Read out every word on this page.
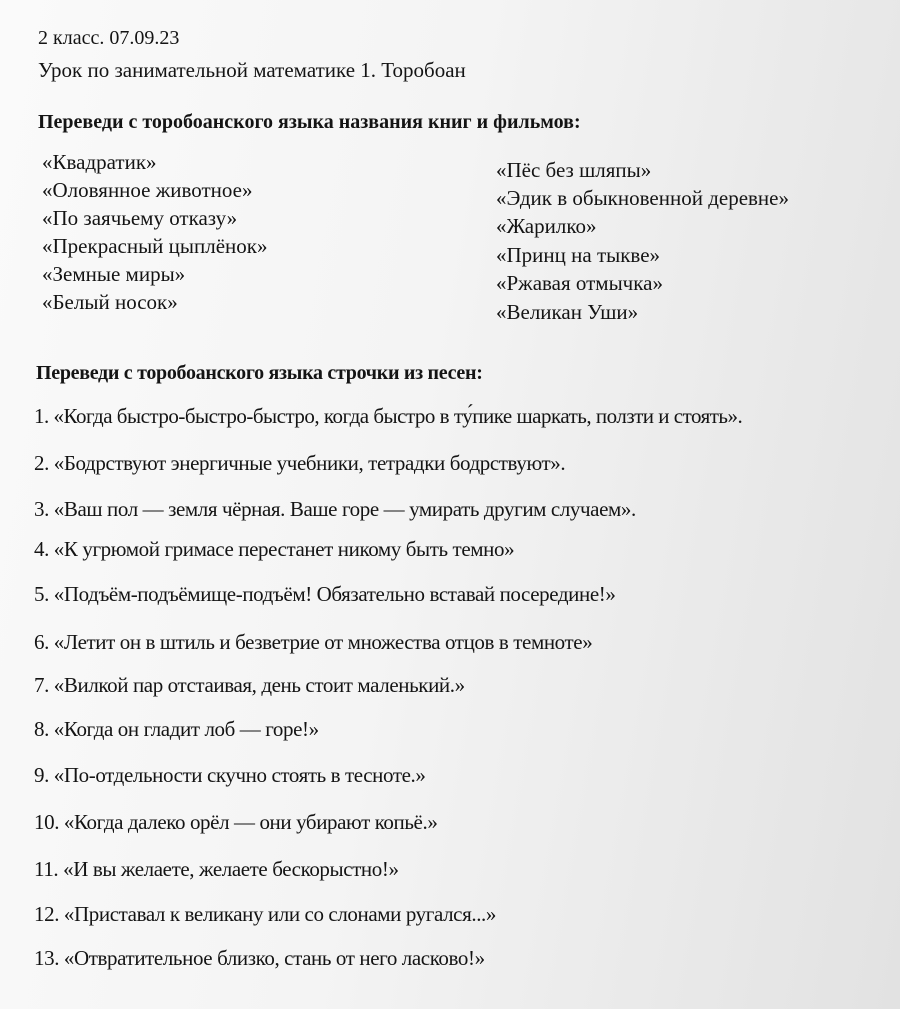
2 класс. 07.09.23
Урок по занимательной математике 1. Торобоан
Переведи с торобоанского языка названия книг и фильмов:
«Квадратик»
«Оловянное животное»
«По заячьему отказу»
«Прекрасный цыплёнок»
«Земные миры»
«Белый носок»
«Пёс без шляпы»
«Эдик в обыкновенной деревне»
«Жарилко»
«Принц на тыкве»
«Ржавая отмычка»
«Великан Уши»
Переведи с торобоанского языка строчки из песен:
1. «Когда быстро-быстро-быстро, когда быстро в ту́пике шаркать, ползти и стоять».
2. «Бодрствуют энергичные учебники, тетрадки бодрствуют».
3. «Ваш пол — земля чёрная. Ваше горе — умирать другим случаем».
4. «К угрюмой гримасе перестанет никому быть темно»
5. «Подъём-подъёмище-подъём! Обязательно вставай посередине!»
6. «Летит он в штиль и безветрие от множества отцов в темноте»
7. «Вилкой пар отстаивая, день стоит маленький.»
8. «Когда он гладит лоб — горе!»
9. «По-отдельности скучно стоять в тесноте.»
10. «Когда далеко орёл — они убирают копьё.»
11. «И вы желаете, желаете бескорыстно!»
12. «Приставал к великану или со слонами ругался...»
13. «Отвратительное близко, стань от него ласково!»
